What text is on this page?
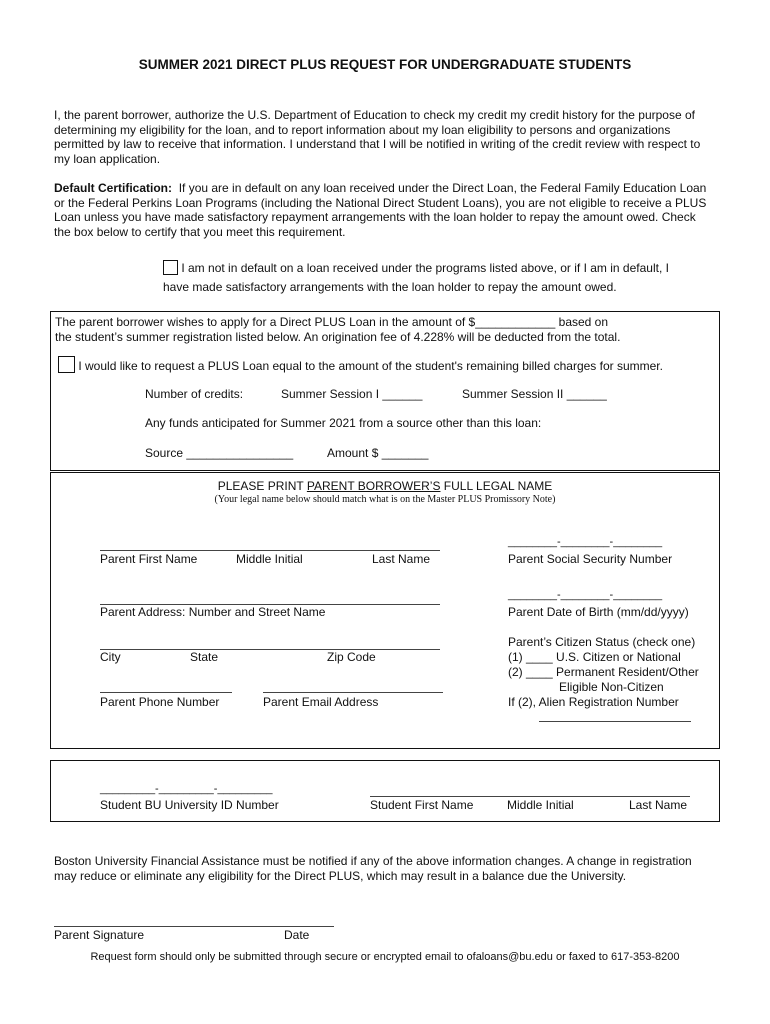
SUMMER 2021 DIRECT PLUS REQUEST FOR UNDERGRADUATE STUDENTS
I, the parent borrower, authorize the U.S. Department of Education to check my credit my credit history for the purpose of determining my eligibility for the loan, and to report information about my loan eligibility to persons and organizations permitted by law to receive that information. I understand that I will be notified in writing of the credit review with respect to my loan application.
Default Certification: If you are in default on any loan received under the Direct Loan, the Federal Family Education Loan or the Federal Perkins Loan Programs (including the National Direct Student Loans), you are not eligible to receive a PLUS Loan unless you have made satisfactory repayment arrangements with the loan holder to repay the amount owed. Check the box below to certify that you meet this requirement.
I am not in default on a loan received under the programs listed above, or if I am in default, I
have made satisfactory arrangements with the loan holder to repay the amount owed.
The parent borrower wishes to apply for a Direct PLUS Loan in the amount of $____________ based on
the student’s summer registration listed below. An origination fee of 4.228% will be deducted from the total.
I would like to request a PLUS Loan equal to the amount of the student's remaining billed charges for summer.
Number of credits:	Summer Session I ______	Summer Session II ______
Any funds anticipated for Summer 2021 from a source other than this loan:
Source ________________	Amount $ _______
PLEASE PRINT PARENT BORROWER’S FULL LEGAL NAME
(Your legal name below should match what is on the Master PLUS Promissory Note)
Parent First Name	Middle Initial	Last Name
________-________-________
Parent Social Security Number
Parent Address: Number and Street Name
________-________-________
Parent Date of Birth (mm/dd/yyyy)
City	State	Zip Code
Parent’s Citizen Status (check one)
(1) ____ U.S. Citizen or National
(2) ____ Permanent Resident/Other
Eligible Non-Citizen
If (2), Alien Registration Number
Parent Phone Number	Parent Email Address
_________-_________-_________
Student BU University ID Number	Student First Name	Middle Initial	Last Name
Boston University Financial Assistance must be notified if any of the above information changes. A change in registration may reduce or eliminate any eligibility for the Direct PLUS, which may result in a balance due the University.
Parent Signature	Date
Request form should only be submitted through secure or encrypted email to ofaloans@bu.edu or faxed to 617-353-8200
